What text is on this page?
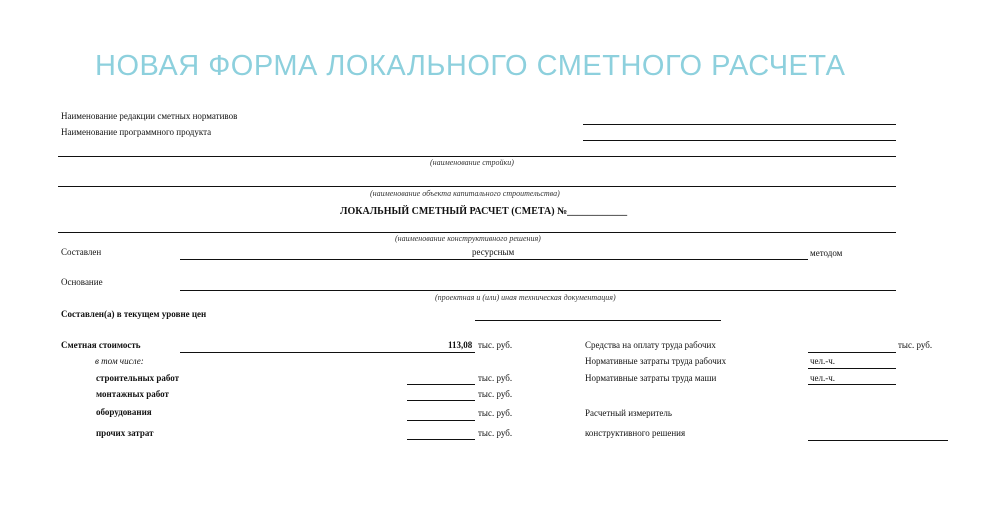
НОВАЯ ФОРМА ЛОКАЛЬНОГО СМЕТНОГО РАСЧЕТА
Наименование редакции сметных нормативов
Наименование программного продукта
(наименование стройки)
(наименование объекта капитального строительства)
ЛОКАЛЬНЫЙ СМЕТНЫЙ РАСЧЕТ (СМЕТА) №____________
(наименование конструктивного решения)
Составлен	ресурсным	методом
Основание
(проектная и (или) иная техническая документация)
Составлен(а) в текущем уровне цен
Сметная стоимость	113,08 тыс. руб.
в том числе:
строительных работ	тыс. руб.
монтажных работ	тыс. руб.
оборудования	тыс. руб.
прочих затрат	тыс. руб.
Средства на оплату труда рабочих	тыс. руб.
Нормативные затраты труда рабочих	чел.-ч.
Нормативные затраты труда маши	чел.-ч.
Расчетный измеритель
конструктивного решения
